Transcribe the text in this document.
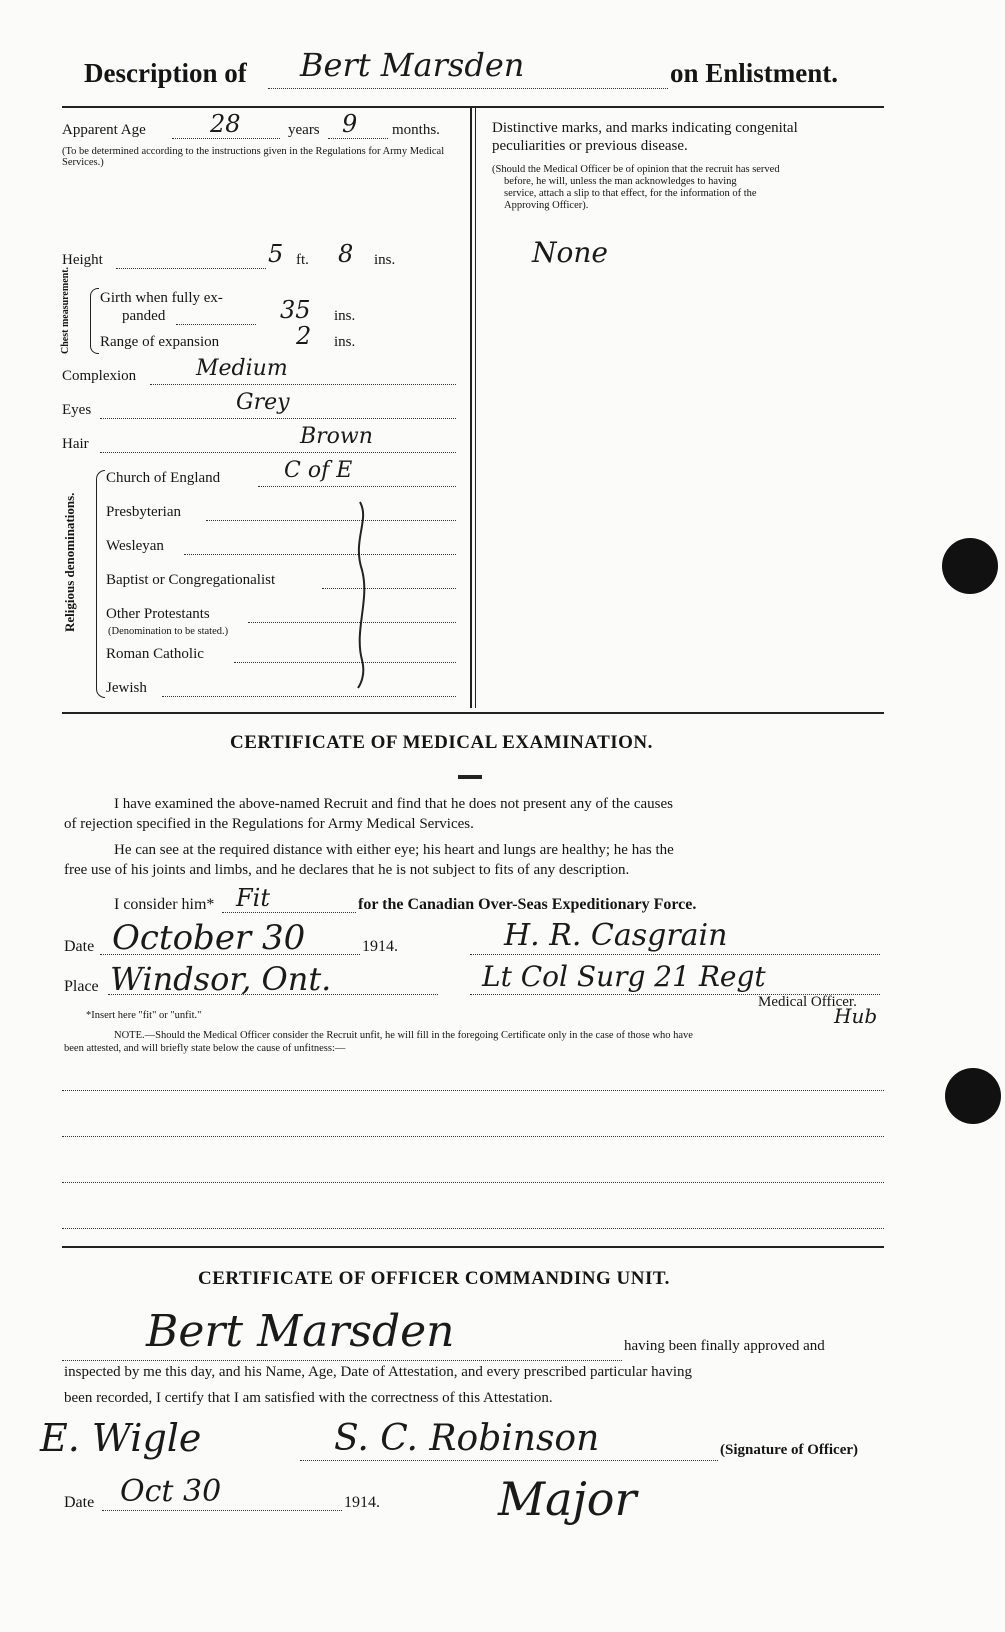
Description of Bert Marsden	on Enlistment.
Apparent Age	28	years 9 months.
(To be determined according to the instructions given in the Regulations for Army Medical Services.)
Height	5 ft. 8 ins.
Chest measurement. Girth when fully ex-
panded	35 ins.
Range of expansion	2 ins.
Complexion	Medium
Eyes	Grey
Hair	Brown
Religious denominations.
Church of England	C of E
Presbyterian
Wesleyan
Baptist or Congregationalist
Other Protestants
(Denomination to be stated.)
Roman Catholic
Jewish
Distinctive marks, and marks indicating congenital
peculiarities or previous disease.
(Should the Medical Officer be of opinion that the recruit has served
before, he will, unless the man acknowledges to having
service, attach a slip to that effect, for the information of the
Approving Officer).
None
CERTIFICATE OF MEDICAL EXAMINATION.
I have examined the above-named Recruit and find that he does not present any of the causes
of rejection specified in the Regulations for Army Medical Services.
He can see at the required distance with either eye; his heart and lungs are healthy; he has the
free use of his joints and limbs, and he declares that he is not subject to fits of any description.
I consider him* Fit	for the Canadian Over-Seas Expeditionary Force.
Date October 30	1914.	H. R. Casgrain
Place Windsor, Ont.	Lt Col Surg 21 Regt
Medical Officer.
Hub
*Insert here "fit" or "unfit."
NOTE.—Should the Medical Officer consider the Recruit unfit, he will fill in the foregoing Certificate only in the case of those who have
been attested, and will briefly state below the cause of unfitness:—
CERTIFICATE OF OFFICER COMMANDING UNIT.
Bert Marsden	having been finally approved and
inspected by me this day, and his Name, Age, Date of Attestation, and every prescribed particular having
been recorded, I certify that I am satisfied with the correctness of this Attestation.
E. Wigle	S. C. Robinson	(Signature of Officer)
Date Oct 30	1914.	Major
